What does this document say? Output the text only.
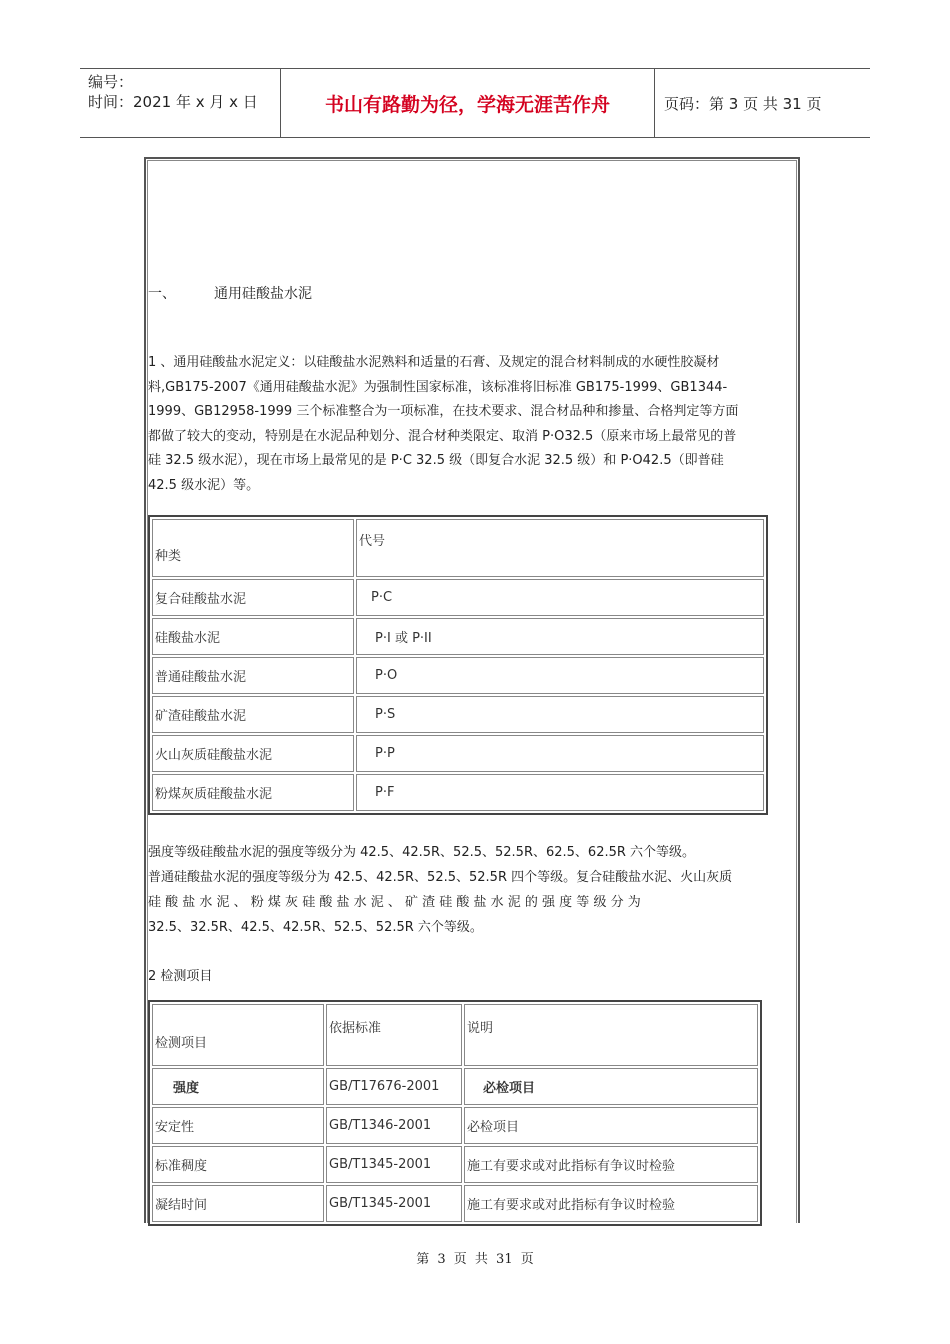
编号：
时间：2021 年 x 月 x 日	书山有路勤为径，学海无涯苦作舟	页码：第 3 页 共 31 页
一、	通用硅酸盐水泥
1 、通用硅酸盐水泥定义：以硅酸盐水泥熟料和适量的石膏、及规定的混合材料制成的水硬性胶凝材
料,GB175-2007《通用硅酸盐水泥》为强制性国家标准，该标准将旧标准 GB175-1999、GB1344-
1999、GB12958-1999 三个标准整合为一项标准，在技术要求、混合材品种和掺量、合格判定等方面
都做了较大的变动，特别是在水泥品种划分、混合材种类限定、取消 P·O32.5（原来市场上最常见的普
硅 32.5 级水泥），现在市场上最常见的是 P·C 32.5 级（即复合水泥 32.5 级）和 P·O42.5（即普硅
42.5 级水泥）等。
种类	代号
复合硅酸盐水泥	P·C
硅酸盐水泥	P·I 或 P·II
普通硅酸盐水泥	P·O
矿渣硅酸盐水泥	P·S
火山灰质硅酸盐水泥	P·P
粉煤灰质硅酸盐水泥	P·F
强度等级硅酸盐水泥的强度等级分为 42.5、42.5R、52.5、52.5R、62.5、62.5R 六个等级。
普通硅酸盐水泥的强度等级分为 42.5、42.5R、52.5、52.5R 四个等级。复合硅酸盐水泥、火山灰质
硅 酸 盐 水 泥 、 粉 煤 灰 硅 酸 盐 水 泥 、 矿 渣 硅 酸 盐 水 泥 的 强 度 等 级 分 为
32.5、32.5R、42.5、42.5R、52.5、52.5R 六个等级。
2 检测项目
检测项目	依据标准	说明
强度	GB/T17676-2001	必检项目
安定性	GB/T1346-2001	必检项目
标准稠度	GB/T1345-2001	施工有要求或对此指标有争议时检验
凝结时间	GB/T1345-2001	施工有要求或对此指标有争议时检验
第 3 页 共 31 页
